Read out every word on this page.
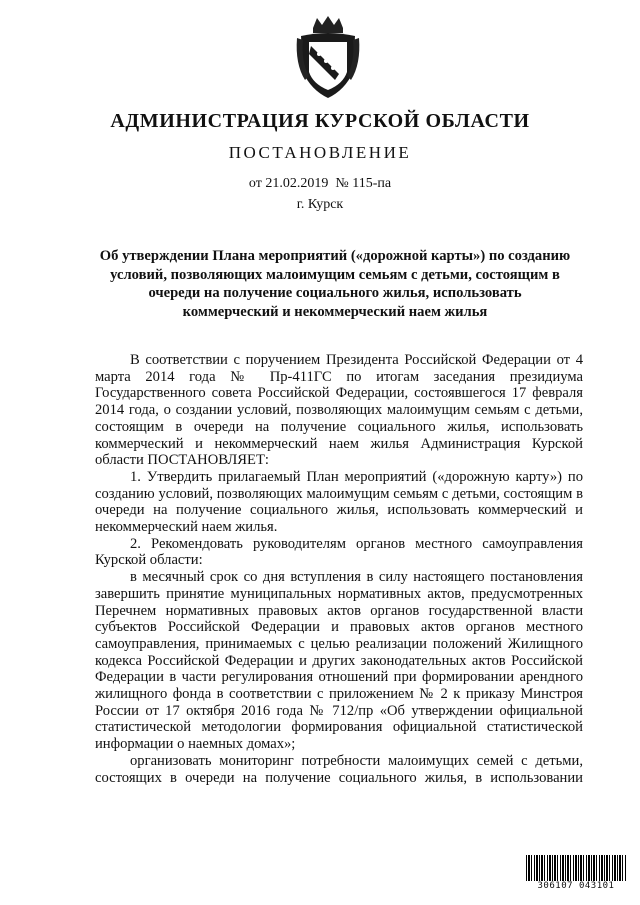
АДМИНИСТРАЦИЯ КУРСКОЙ ОБЛАСТИ
ПОСТАНОВЛЕНИЕ
от 21.02.2019 № 115-па
г. Курск
Об утверждении Плана мероприятий («дорожной карты») по созданию
условий, позволяющих малоимущим семьям с детьми, состоящим в
очереди на получение социального жилья, использовать
коммерческий и некоммерческий наем жилья

В соответствии с поручением Президента Российской Федерации от 4 марта 2014 года № Пр-411ГС по итогам заседания президиума Государственного совета Российской Федерации, состоявшегося 17 февраля 2014 года, о создании условий, позволяющих малоимущим семьям с детьми, состоящим в очереди на получение социального жилья, использовать коммерческий и некоммерческий наем жилья Администрация Курской области ПОСТАНОВЛЯЕТ:

1. Утвердить прилагаемый План мероприятий («дорожную карту») по созданию условий, позволяющих малоимущим семьям с детьми, состоящим в очереди на получение социального жилья, использовать коммерческий и некоммерческий наем жилья.

2. Рекомендовать руководителям органов местного самоуправления Курской области:

в месячный срок со дня вступления в силу настоящего постановления завершить принятие муниципальных нормативных актов, предусмотренных Перечнем нормативных правовых актов органов государственной власти субъектов Российской Федерации и правовых актов органов местного самоуправления, принимаемых с целью реализации положений Жилищного кодекса Российской Федерации и других законодательных актов Российской Федерации в части регулирования отношений при формировании арендного жилищного фонда в соответствии с приложением № 2 к приказу Минстроя России от 17 октября 2016 года № 712/пр «Об утверждении официальной статистической методологии формирования официальной статистической информации о наемных домах»;

организовать мониторинг потребности малоимущих семей с детьми, состоящих в очереди на получение социального жилья, в использовании

306107 043101
